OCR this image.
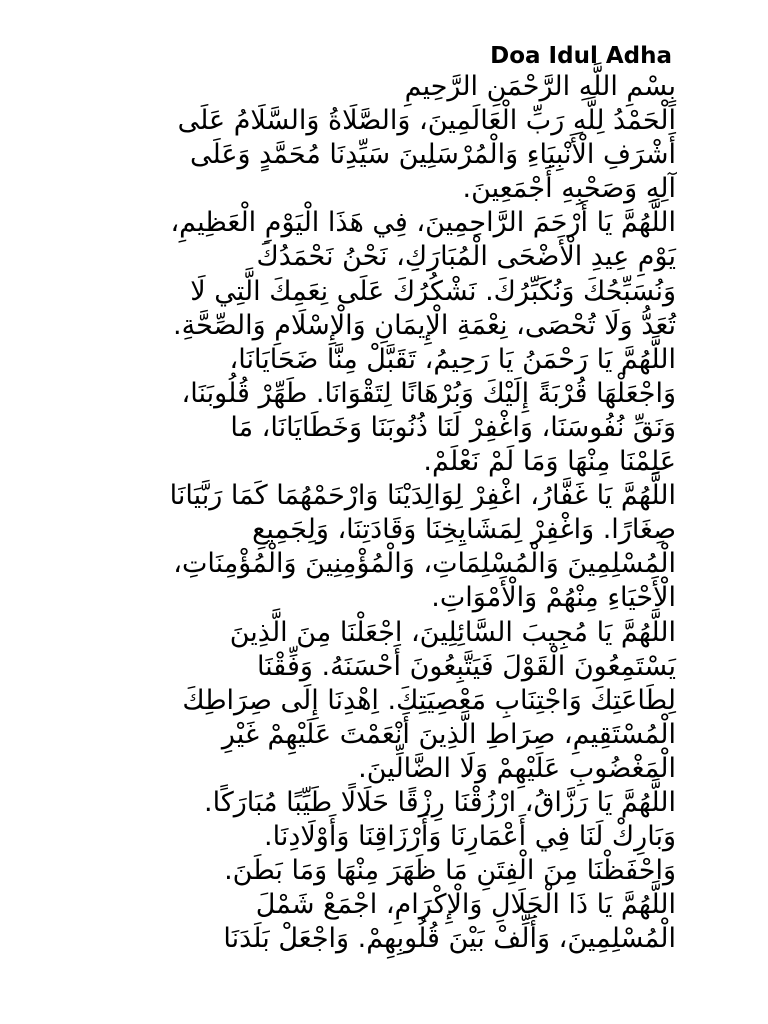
Doa Idul Adha

بِسْمِ اللَّهِ الرَّحْمَنِ الرَّحِيمِ

اَلْحَمْدُ لِلَّهِ رَبِّ الْعَالَمِينَ، وَالصَّلَاةُ وَالسَّلَامُ عَلَى
أَشْرَفِ الْأَنْبِيَاءِ وَالْمُرْسَلِينَ سَيِّدِنَا مُحَمَّدٍ وَعَلَى
آلِهِ وَصَحْبِهِ أَجْمَعِينَ.

اللَّهُمَّ يَا أَرْحَمَ الرَّاحِمِينَ، فِي هَذَا الْيَوْمِ الْعَظِيمِ،
يَوْمِ عِيدِ الْأَضْحَى الْمُبَارَكِ، نَحْنُ نَحْمَدُكَ
وَنُسَبِّحُكَ وَنُكَبِّرُكَ. نَشْكُرُكَ عَلَى نِعَمِكَ الَّتِي لَا
تُعَدُّ وَلَا تُحْصَى، نِعْمَةِ الْإِيمَانِ وَالْإِسْلَامِ وَالصِّحَّةِ.

اللَّهُمَّ يَا رَحْمَنُ يَا رَحِيمُ، تَقَبَّلْ مِنَّا ضَحَايَانَا،
وَاجْعَلْهَا قُرْبَةً إِلَيْكَ وَبُرْهَانًا لِتَقْوَانَا. طَهِّرْ قُلُوبَنَا،
وَنَقِّ نُفُوسَنَا، وَاغْفِرْ لَنَا ذُنُوبَنَا وَخَطَايَانَا، مَا
عَلِمْنَا مِنْهَا وَمَا لَمْ نَعْلَمْ.

اللَّهُمَّ يَا غَفَّارُ، اغْفِرْ لِوَالِدَيْنَا وَارْحَمْهُمَا كَمَا رَبَّيَانَا
صِغَارًا. وَاغْفِرْ لِمَشَايِخِنَا وَقَادَتِنَا، وَلِجَمِيعِ
الْمُسْلِمِينَ وَالْمُسْلِمَاتِ، وَالْمُؤْمِنِينَ وَالْمُؤْمِنَاتِ،
الْأَحْيَاءِ مِنْهُمْ وَالْأَمْوَاتِ.

اللَّهُمَّ يَا مُجِيبَ السَّائِلِينَ، اجْعَلْنَا مِنَ الَّذِينَ
يَسْتَمِعُونَ الْقَوْلَ فَيَتَّبِعُونَ أَحْسَنَهُ. وَفِّقْنَا
لِطَاعَتِكَ وَاجْتِنَابِ مَعْصِيَتِكَ. اِهْدِنَا إِلَى صِرَاطِكَ
الْمُسْتَقِيمِ، صِرَاطِ الَّذِينَ أَنْعَمْتَ عَلَيْهِمْ غَيْرِ
الْمَغْضُوبِ عَلَيْهِمْ وَلَا الضَّالِّينَ.

اللَّهُمَّ يَا رَزَّاقُ، ارْزُقْنَا رِزْقًا حَلَالًا طَيِّبًا مُبَارَكًا.
وَبَارِكْ لَنَا فِي أَعْمَارِنَا وَأَرْزَاقِنَا وَأَوْلَادِنَا.
وَاحْفَظْنَا مِنَ الْفِتَنِ مَا ظَهَرَ مِنْهَا وَمَا بَطَنَ.

اللَّهُمَّ يَا ذَا الْجَلَالِ وَالْإِكْرَامِ، اجْمَعْ شَمْلَ
الْمُسْلِمِينَ، وَأَلِّفْ بَيْنَ قُلُوبِهِمْ. وَاجْعَلْ بَلَدَنَا
